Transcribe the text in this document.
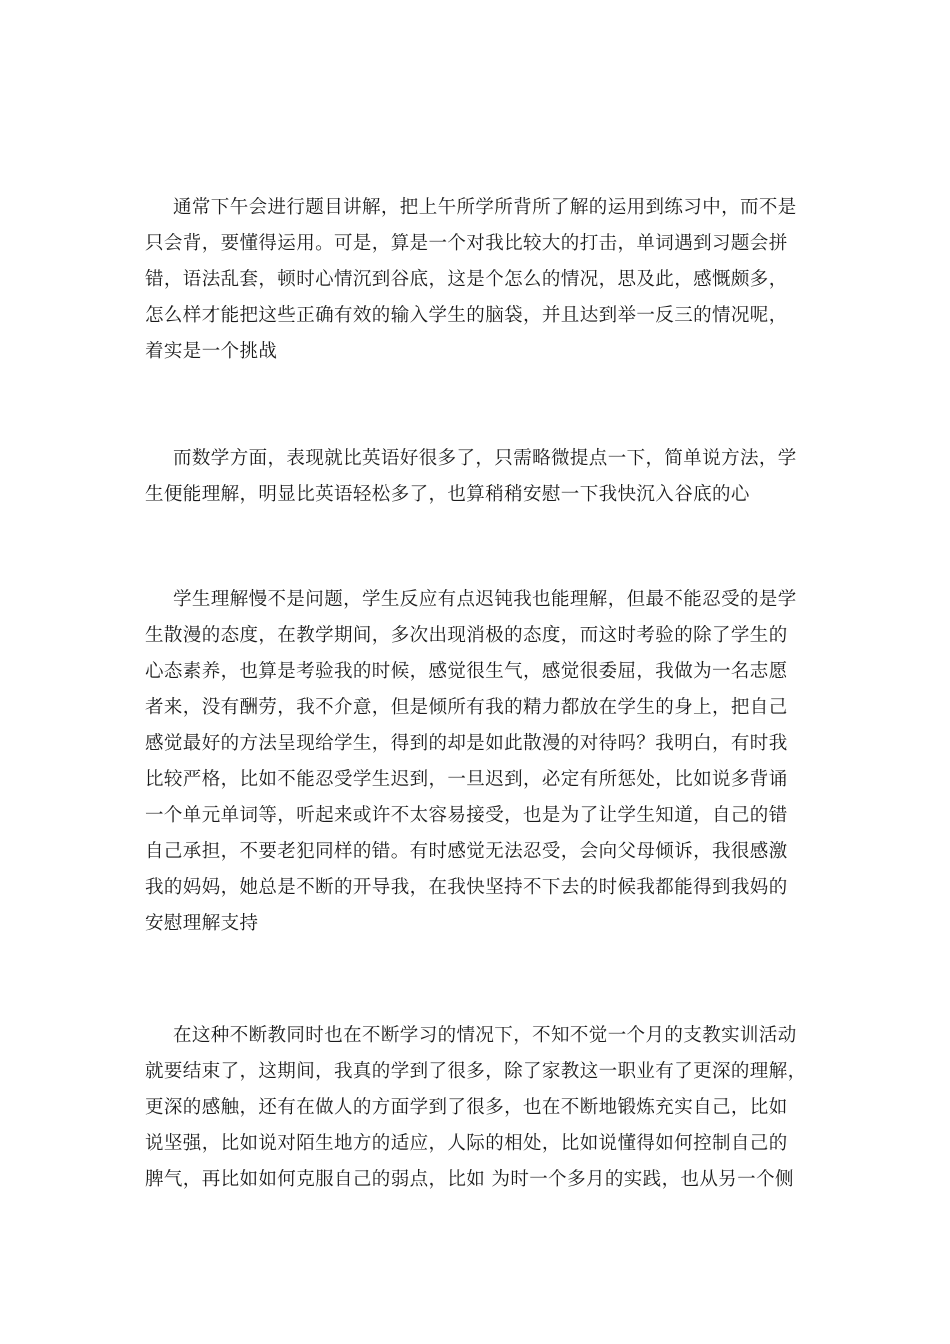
通常下午会进行题目讲解，把上午所学所背所了解的运用到练习中，而不是
只会背，要懂得运用。可是，算是一个对我比较大的打击，单词遇到习题会拼
错，语法乱套，顿时心情沉到谷底，这是个怎么的情况，思及此，感慨颇多，
怎么样才能把这些正确有效的输入学生的脑袋，并且达到举一反三的情况呢，
着实是一个挑战

而数学方面，表现就比英语好很多了，只需略微提点一下，简单说方法，学
生便能理解，明显比英语轻松多了，也算稍稍安慰一下我快沉入谷底的心

学生理解慢不是问题，学生反应有点迟钝我也能理解，但最不能忍受的是学
生散漫的态度，在教学期间，多次出现消极的态度，而这时考验的除了学生的
心态素养，也算是考验我的时候，感觉很生气，感觉很委屈，我做为一名志愿
者来，没有酬劳，我不介意，但是倾所有我的精力都放在学生的身上，把自己
感觉最好的方法呈现给学生，得到的却是如此散漫的对待吗？我明白，有时我
比较严格，比如不能忍受学生迟到，一旦迟到，必定有所惩处，比如说多背诵
一个单元单词等，听起来或许不太容易接受，也是为了让学生知道，自己的错
自己承担，不要老犯同样的错。有时感觉无法忍受，会向父母倾诉，我很感激
我的妈妈，她总是不断的开导我，在我快坚持不下去的时候我都能得到我妈的
安慰理解支持

在这种不断教同时也在不断学习的情况下，不知不觉一个月的支教实训活动
就要结束了，这期间，我真的学到了很多，除了家教这一职业有了更深的理解，
更深的感触，还有在做人的方面学到了很多，也在不断地锻炼充实自己，比如
说坚强，比如说对陌生地方的适应，人际的相处，比如说懂得如何控制自己的
脾气，再比如如何克服自己的弱点，比如 为时一个多月的实践，也从另一个侧
